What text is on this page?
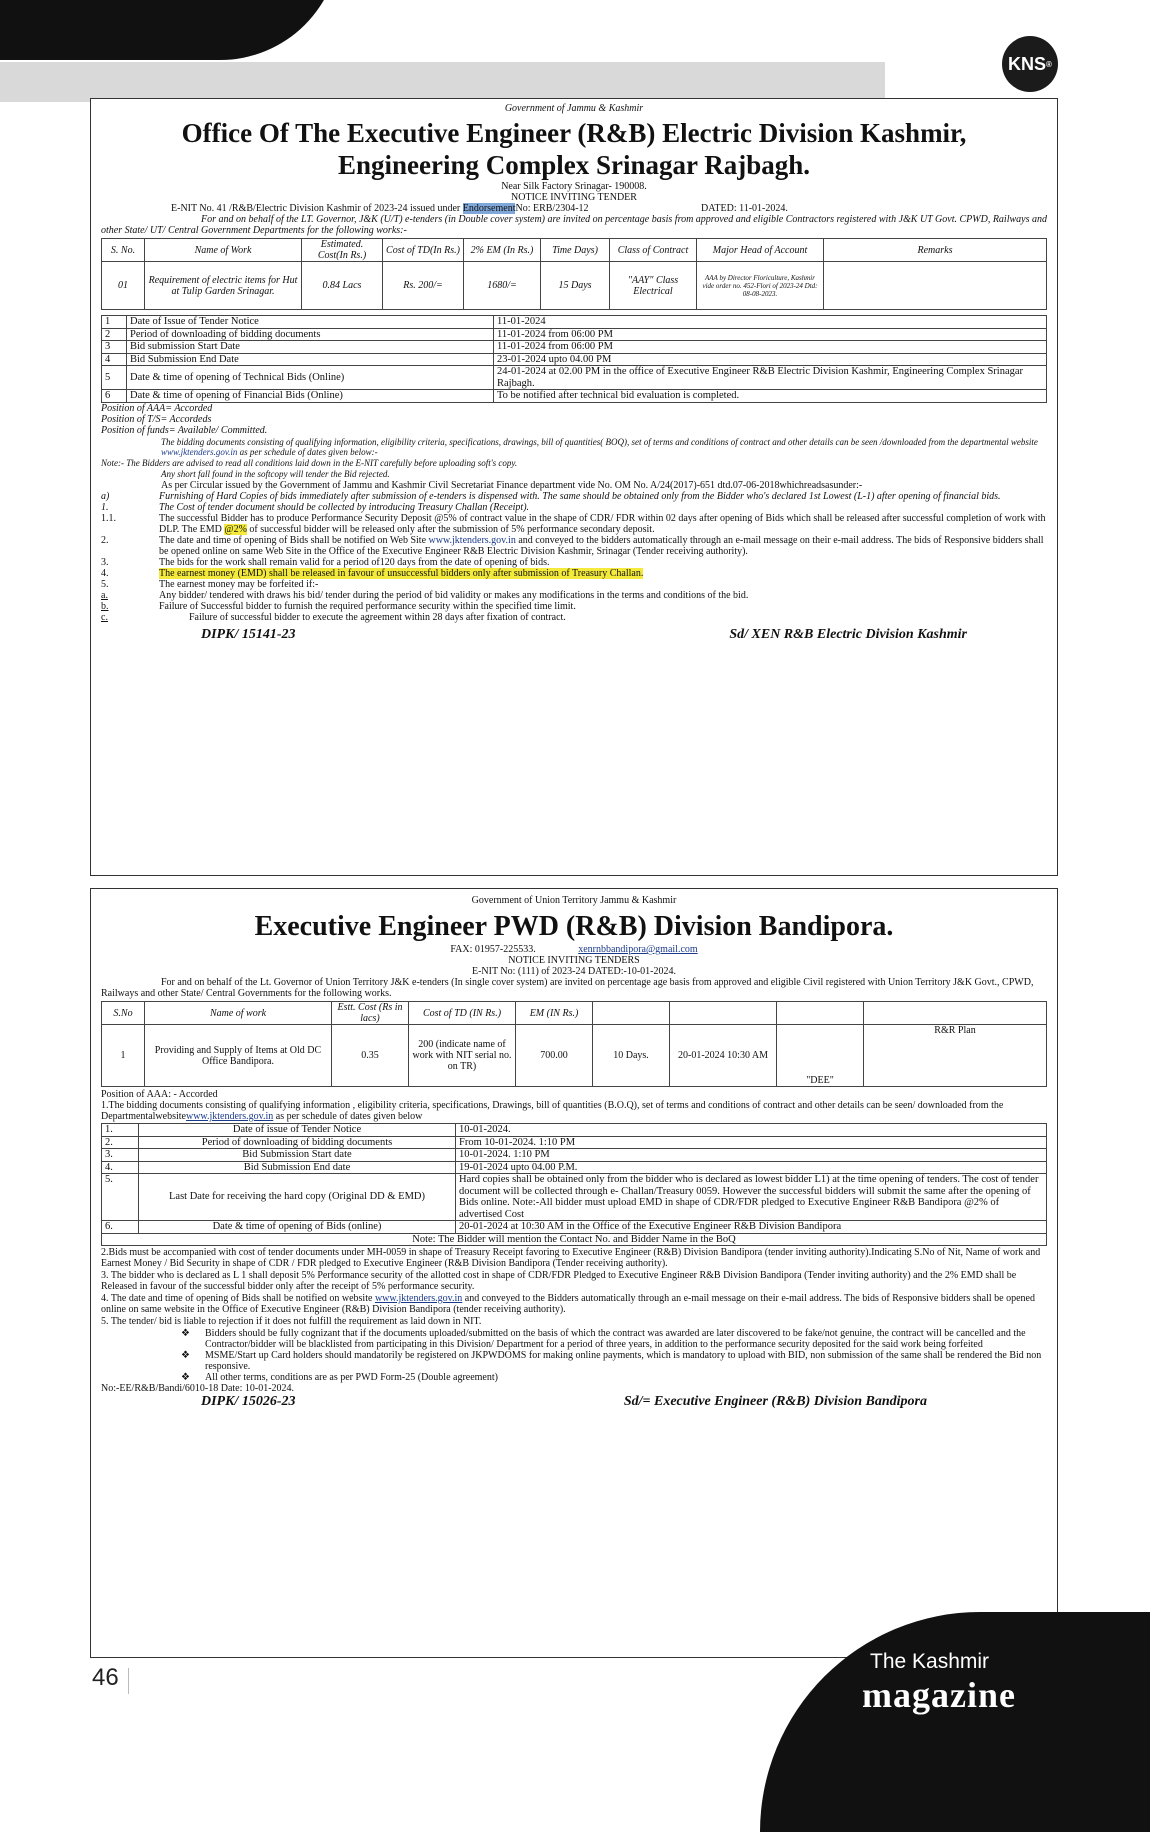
KNS ®
Government of Jammu & Kashmir
Office Of The Executive Engineer (R&B) Electric Division Kashmir,
Engineering Complex Srinagar Rajbagh.
Near Silk Factory Srinagar- 190008.
NOTICE INVITING TENDER
E-NIT No. 41 /R&B/Electric Division Kashmir of 2023-24 issued under EndorsementNo: ERB/2304-12	DATED: 11-01-2024.
For and on behalf of the LT. Governor, J&K (U/T) e-tenders (in Double cover system) are invited on percentage basis from approved and eligible Contractors registered with J&K UT Govt. CPWD, Railways and other State/ UT/ Central Government Departments for the following works:-
S. No.	Name of Work	Estimated. Cost(In Rs.)	Cost of TD(In Rs.)	2% EM (In Rs.)	Time Days)	Class of Contract	Major Head of Account	Remarks
01	Requirement of electric items for Hut at Tulip Garden Srinagar.	0.84 Lacs	Rs. 200/=	1680/=	15 Days	"AAY" Class Electrical	AAA by Director Floriculture, Kashmir vide order no. 452-Flori of 2023-24 Dtd: 08-08-2023.	
1	Date of Issue of Tender Notice	11-01-2024
2	Period of downloading of bidding documents	11-01-2024 from 06:00 PM
3	Bid submission Start Date	11-01-2024 from 06:00 PM
4	Bid Submission End Date	23-01-2024 upto 04.00 PM
5	Date & time of opening of Technical Bids (Online)	24-01-2024 at 02.00 PM in the office of Executive Engineer R&B Electric Division Kashmir, Engineering Complex Srinagar Rajbagh.
6	Date & time of opening of Financial Bids (Online)	To be notified after technical bid evaluation is completed.
Position of AAA= Accorded
Position of T/S= Accordeds
Position of funds= Available/ Committed.
The bidding documents consisting of qualifying information, eligibility criteria, specifications, drawings, bill of quantities( BOQ), set of terms and conditions of contract and other details can be seen /downloaded from the departmental website www.jktenders.gov.in as per schedule of dates given below:-
Note:- The Bidders are advised to read all conditions laid down in the E-NIT carefully before uploading soft's copy.
Any short fall found in the softcopy will tender the Bid rejected.
As per Circular issued by the Government of Jammu and Kashmir Civil Secretariat Finance department vide No. OM No. A/24(2017)-651 dtd.07-06-2018whichreadsasunder:-
a)	Furnishing of Hard Copies of bids immediately after submission of e-tenders is dispensed with. The same should be obtained only from the Bidder who's declared 1st Lowest (L-1) after opening of financial bids.
1.	The Cost of tender document should be collected by introducing Treasury Challan (Receipt).
1.1.	The successful Bidder has to produce Performance Security Deposit @5% of contract value in the shape of CDR/ FDR within 02 days after opening of Bids which shall be released after successful completion of work with DLP. The EMD @2% of successful bidder will be released only after the submission of 5% performance secondary deposit.
2.	The date and time of opening of Bids shall be notified on Web Site www.jktenders.gov.in and conveyed to the bidders automatically through an e-mail message on their e-mail address. The bids of Responsive bidders shall be opened online on same Web Site in the Office of the Executive Engineer R&B Electric Division Kashmir, Srinagar (Tender receiving authority).
3.	The bids for the work shall remain valid for a period of120 days from the date of opening of bids.
4.	The earnest money (EMD) shall be released in favour of unsuccessful bidders only after submission of Treasury Challan.
5.	The earnest money may be forfeited if:-
a.	Any bidder/ tendered with draws his bid/ tender during the period of bid validity or makes any modifications in the terms and conditions of the bid.
b.	Failure of Successful bidder to furnish the required performance security within the specified time limit.
c.	Failure of successful bidder to execute the agreement within 28 days after fixation of contract.
DIPK/ 15141-23	Sd/ XEN R&B Electric Division Kashmir
Government of Union Territory Jammu & Kashmir
Executive Engineer PWD (R&B) Division Bandipora.
FAX: 01957-225533.	xenrnbbandipora@gmail.com
NOTICE INVITING TENDERS
E-NIT No: (111) of 2023-24 DATED:-10-01-2024.
For and on behalf of the Lt. Governor of Union Territory J&K e-tenders (In single cover system) are invited on percentage age basis from approved and eligible Civil registered with Union Territory J&K Govt., CPWD, Railways and other State/ Central Governments for the following works.
S.No	Name of work	Estt. Cost (Rs in lacs)	Cost of TD (IN Rs.)	EM (IN Rs.)				
1	Providing and Supply of Items at Old DC Office Bandipora.	0.35	200 (indicate name of work with NIT serial no. on TR)	700.00	10 Days.	20-01-2024 10:30 AM	"DEE"	R&R Plan
Position of AAA: - Accorded
1.The bidding documents consisting of qualifying information , eligibility criteria, specifications, Drawings, bill of quantities (B.O.Q), set of terms and conditions of contract and other details can be seen/ downloaded from the Departmentalwebsitewww.jktenders.gov.in as per schedule of dates given below
1.	Date of issue of Tender Notice	10-01-2024.
2.	Period of downloading of bidding documents	From 10-01-2024. 1:10 PM
3.	Bid Submission Start date	10-01-2024. 1:10 PM
4.	Bid Submission End date	19-01-2024 upto 04.00 P.M.
5.	Last Date for receiving the hard copy (Original DD & EMD)	Hard copies shall be obtained only from the bidder who is declared as lowest bidder L1) at the time opening of tenders. The cost of tender document will be collected through e- Challan/Treasury 0059. However the successful bidders will submit the same after the opening of Bids online. Note:-All bidder must upload EMD in shape of CDR/FDR pledged to Executive Engineer R&B Bandipora @2% of advertised Cost
6.	Date & time of opening of Bids (online)	20-01-2024 at 10:30 AM in the Office of the Executive Engineer R&B Division Bandipora
Note: The Bidder will mention the Contact No. and Bidder Name in the BoQ		
2.Bids must be accompanied with cost of tender documents under MH-0059 in shape of Treasury Receipt favoring to Executive Engineer (R&B) Division Bandipora (tender inviting authority).Indicating S.No of Nit, Name of work and Earnest Money / Bid Security in shape of CDR / FDR pledged to Executive Engineer (R&B Division Bandipora (Tender receiving authority).
3. The bidder who is declared as L 1 shall deposit 5% Performance security of the allotted cost in shape of CDR/FDR Pledged to Executive Engineer R&B Division Bandipora (Tender inviting authority) and the 2% EMD shall be Released in favour of the successful bidder only after the receipt of 5% performance security.
4. The date and time of opening of Bids shall be notified on website www.jktenders.gov.in and conveyed to the Bidders automatically through an e-mail message on their e-mail address. The bids of Responsive bidders shall be opened online on same website in the Office of Executive Engineer (R&B) Division Bandipora (tender receiving authority).
5. The tender/ bid is liable to rejection if it does not fulfill the requirement as laid down in NIT.
❖	Bidders should be fully cognizant that if the documents uploaded/submitted on the basis of which the contract was awarded are later discovered to be fake/not genuine, the contract will be cancelled and the Contractor/bidder will be blacklisted from participating in this Division/ Department for a period of three years, in addition to the performance security deposited for the said work being forfeited
❖	MSME/Start up Card holders should mandatorily be registered on JKPWDOMS for making online payments, which is mandatory to upload with BID, non submission of the same shall be rendered the Bid non responsive.
❖	All other terms, conditions are as per PWD Form-25 (Double agreement)
No:-EE/R&B/Bandi/6010-18 Date: 10-01-2024.
DIPK/ 15026-23	Sd/= Executive Engineer (R&B) Division Bandipora
46
The Kashmir
magazine
